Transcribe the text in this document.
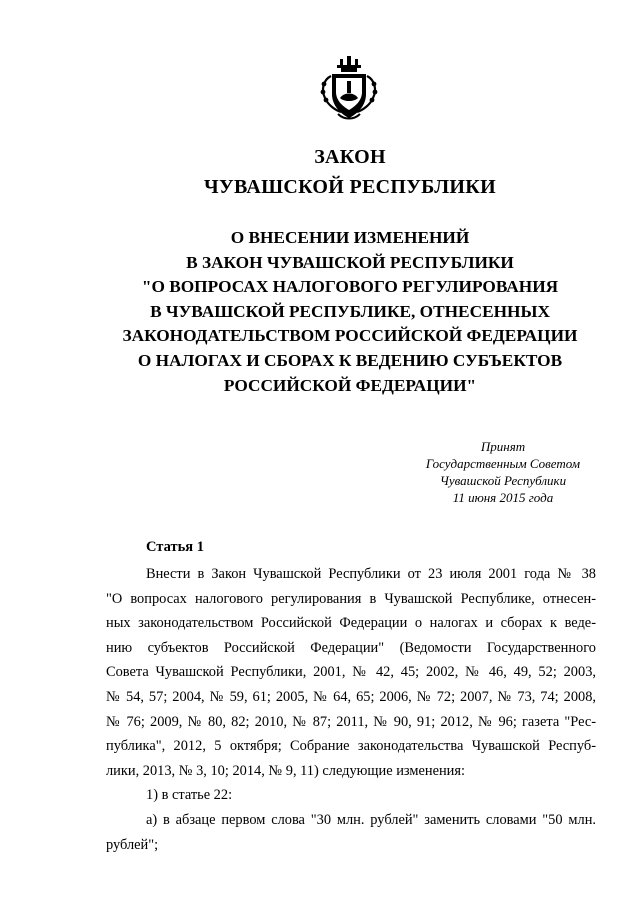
ЗАКОН
ЧУВАШСКОЙ РЕСПУБЛИКИ
О ВНЕСЕНИИ ИЗМЕНЕНИЙ
В ЗАКОН ЧУВАШСКОЙ РЕСПУБЛИКИ
"О ВОПРОСАХ НАЛОГОВОГО РЕГУЛИРОВАНИЯ
В ЧУВАШСКОЙ РЕСПУБЛИКЕ, ОТНЕСЕННЫХ
ЗАКОНОДАТЕЛЬСТВОМ РОССИЙСКОЙ ФЕДЕРАЦИИ
О НАЛОГАХ И СБОРАХ К ВЕДЕНИЮ СУБЪЕКТОВ
РОССИЙСКОЙ ФЕДЕРАЦИИ"
Принят
Государственным Советом
Чувашской Республики
11 июня 2015 года
Статья 1
Внести в Закон Чувашской Республики от 23 июля 2001 года № 38
"О вопросах налогового регулирования в Чувашской Республике, отнесен-
ных законодательством Российской Федерации о налогах и сборах к веде-
нию субъектов Российской Федерации" (Ведомости Государственного
Совета Чувашской Республики, 2001, № 42, 45; 2002, № 46, 49, 52; 2003,
№ 54, 57; 2004, № 59, 61; 2005, № 64, 65; 2006, № 72; 2007, № 73, 74; 2008,
№ 76; 2009, № 80, 82; 2010, № 87; 2011, № 90, 91; 2012, № 96; газета "Рес-
публика", 2012, 5 октября; Собрание законодательства Чувашской Респуб-
лики, 2013, № 3, 10; 2014, № 9, 11) следующие изменения:
1) в статье 22:
а) в абзаце первом слова "30 млн. рублей" заменить словами "50 млн.
рублей";
